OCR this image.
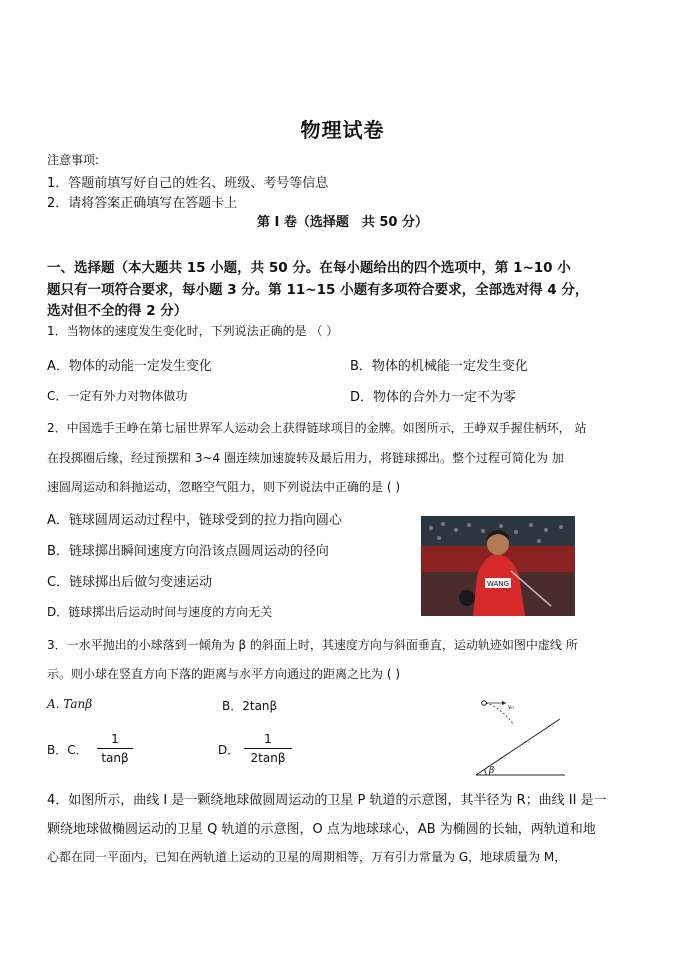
物理试卷
注意事项:
1．答题前填写好自己的姓名、班级、考号等信息
2．请将答案正确填写在答题卡上
第 I 卷（选择题　共 50 分）
一、选择题（本大题共 15 小题，共 50 分。在每小题给出的四个选项中，第 1~10 小
题只有一项符合要求，每小题 3 分。第 11~15 小题有多项符合要求，全部选对得 4 分，
选对但不全的得 2 分）
1．当物体的速度发生变化时，下列说法正确的是 （ ）
A．物体的动能一定发生变化	B．物体的机械能一定发生变化
C．一定有外力对物体做功	D．物体的合外力一定不为零
2．中国选手王峥在第七届世界军人运动会上获得链球项目的金牌。如图所示，王峥双手握住柄环， 站
在投掷圈后缘，经过预摆和 3~4 圈连续加速旋转及最后用力，将链球掷出。整个过程可简化为 加
速圆周运动和斜抛运动，忽略空气阻力，则下列说法中正确的是 ( )
A．链球圆周运动过程中，链球受到的拉力指向圆心
B．链球掷出瞬间速度方向沿该点圆周运动的径向
C．链球掷出后做匀变速运动
D．链球掷出后运动时间与速度的方向无关
WANG
3．一水平抛出的小球落到一倾角为 β 的斜面上时，其速度方向与斜面垂直，运动轨迹如图中虚线 所
示。则小球在竖直方向下落的距离与水平方向通过的距离之比为 ( )
A. Tanβ	B．2tanβ
B．C． $\frac{1}{\tan\beta}$	D． $\frac{1}{2\tan\beta}$
v₀
β
4．如图所示，曲线 I 是一颗绕地球做圆周运动的卫星 P 轨道的示意图，其半径为 R；曲线 II 是一
颗绕地球做椭圆运动的卫星 Q 轨道的示意图，O 点为地球球心，AB 为椭圆的长轴，两轨道和地
心都在同一平面内，已知在两轨道上运动的卫星的周期相等，万有引力常量为 G，地球质量为 M，
